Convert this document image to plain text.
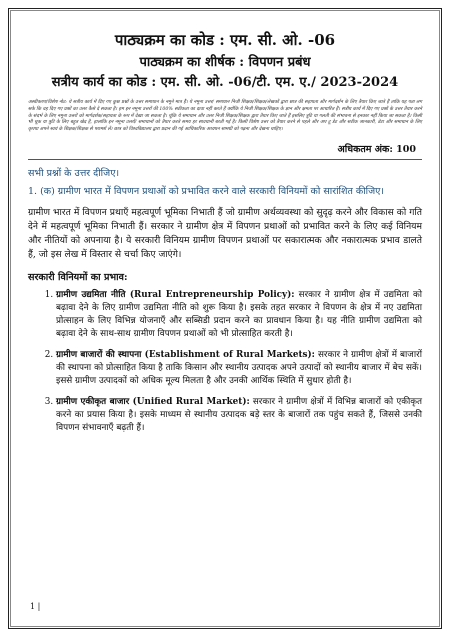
पाठ्यक्रम का कोड : एम. सी. ओ. -06
पाठ्यक्रम का शीर्षक : विपणन प्रबंध
सत्रीय कार्य का कोड : एम. सी. ओ. -06/टी. एम. ए./ 2023-2024
अस्वीकरण/विशेष नोट: ये सत्रीय कार्य में दिए गए कुछ प्रश्नों के उत्तर समाधान के नमूने मात्र हैं। ये नमूना उत्तर/ समाधान निजी शिक्षक/शिक्षक/लेखकों द्वारा छात्र की सहायता और मार्गदर्शन के लिए तैयार किए जाते हैं ताकि यह पता लग सके कि वह दिए गए प्रश्नों का उत्तर कैसे दे सकता है। हम इन नमूना उत्तरों की 100% सटीकता का दावा नहीं करते हैं क्योंकि ये निजी शिक्षक/शिक्षक के ज्ञान और क्षमता पर आधारित हैं। सत्रीय कार्य में दिए गए प्रश्नों के उत्तर तैयार करने के संदर्भ के लिए नमूना उत्तरों को मार्गदर्शक/सहायता के रूप में देखा जा सकता है। चूंकि ये समाधान और उत्तर निजी शिक्षक/शिक्षक द्वारा तैयार किए जाते हैं इसलिए त्रुटि या गलती की संभावना से इनकार नहीं किया जा सकता है। किसी भी चूक या त्रुटि के लिए बहुत खेद है, हालांकि इन नमूना उत्तरों/ समाधानों को तैयार करते समय हर सावधानी बरती गई है। किसी विशेष उत्तर को तैयार करने से पहले और अप टू डेट और सटीक जानकारी, डेटा और समाधान के लिए कृपया अपने स्वयं के शिक्षक/शिक्षक से परामर्श लें। छात्र को विश्वविद्यालय द्वारा प्रदान की गई आधिकारिक अध्ययन सामग्री को पढ़ना और देखना चाहिए।
अधिकतम अंक: 100
सभी प्रश्नों के उत्तर दीजिए।
1. (क) ग्रामीण भारत में विपणन प्रथाओं को प्रभावित करने वाले सरकारी विनियमों को सारांशित कीजिए।
ग्रामीण भारत में विपणन प्रथाएँ महत्वपूर्ण भूमिका निभाती हैं जो ग्रामीण अर्थव्यवस्था को सुदृढ़ करने और विकास को गति देने में महत्वपूर्ण भूमिका निभाती हैं। सरकार ने ग्रामीण क्षेत्र में विपणन प्रथाओं को प्रभावित करने के लिए कई विनियम और नीतियों को अपनाया है। ये सरकारी विनियम ग्रामीण विपणन प्रथाओं पर सकारात्मक और नकारात्मक प्रभाव डालते हैं, जो इस लेख में विस्तार से चर्चा किए जाएंगे।
सरकारी विनियमों का प्रभाव:
1. ग्रामीण उद्यमिता नीति (Rural Entrepreneurship Policy): सरकार ने ग्रामीण क्षेत्र में उद्यमिता को बढ़ावा देने के लिए ग्रामीण उद्यमिता नीति को शुरू किया है। इसके तहत सरकार ने विपणन के क्षेत्र में नए उद्यमिता प्रोत्साहन के लिए विभिन्न योजनाएँ और सब्सिडी प्रदान करने का प्रावधान किया है। यह नीति ग्रामीण उद्यमिता को बढ़ावा देने के साथ-साथ ग्रामीण विपणन प्रथाओं को भी प्रोत्साहित करती है।
2. ग्रामीण बाजारों की स्थापना (Establishment of Rural Markets): सरकार ने ग्रामीण क्षेत्रों में बाजारों की स्थापना को प्रोत्साहित किया है ताकि किसान और स्थानीय उत्पादक अपने उत्पादों को स्थानीय बाजार में बेच सकें। इससे ग्रामीण उत्पादकों को अधिक मूल्य मिलता है और उनकी आर्थिक स्थिति में सुधार होती है।
3. ग्रामीण एकीकृत बाजार (Unified Rural Market): सरकार ने ग्रामीण क्षेत्रों में विभिन्न बाजारों को एकीकृत करने का प्रयास किया है। इसके माध्यम से स्थानीय उत्पादक बड़े स्तर के बाजारों तक पहुंच सकते हैं, जिससे उनकी विपणन संभावनाएँ बढ़ती हैं।
1 |
